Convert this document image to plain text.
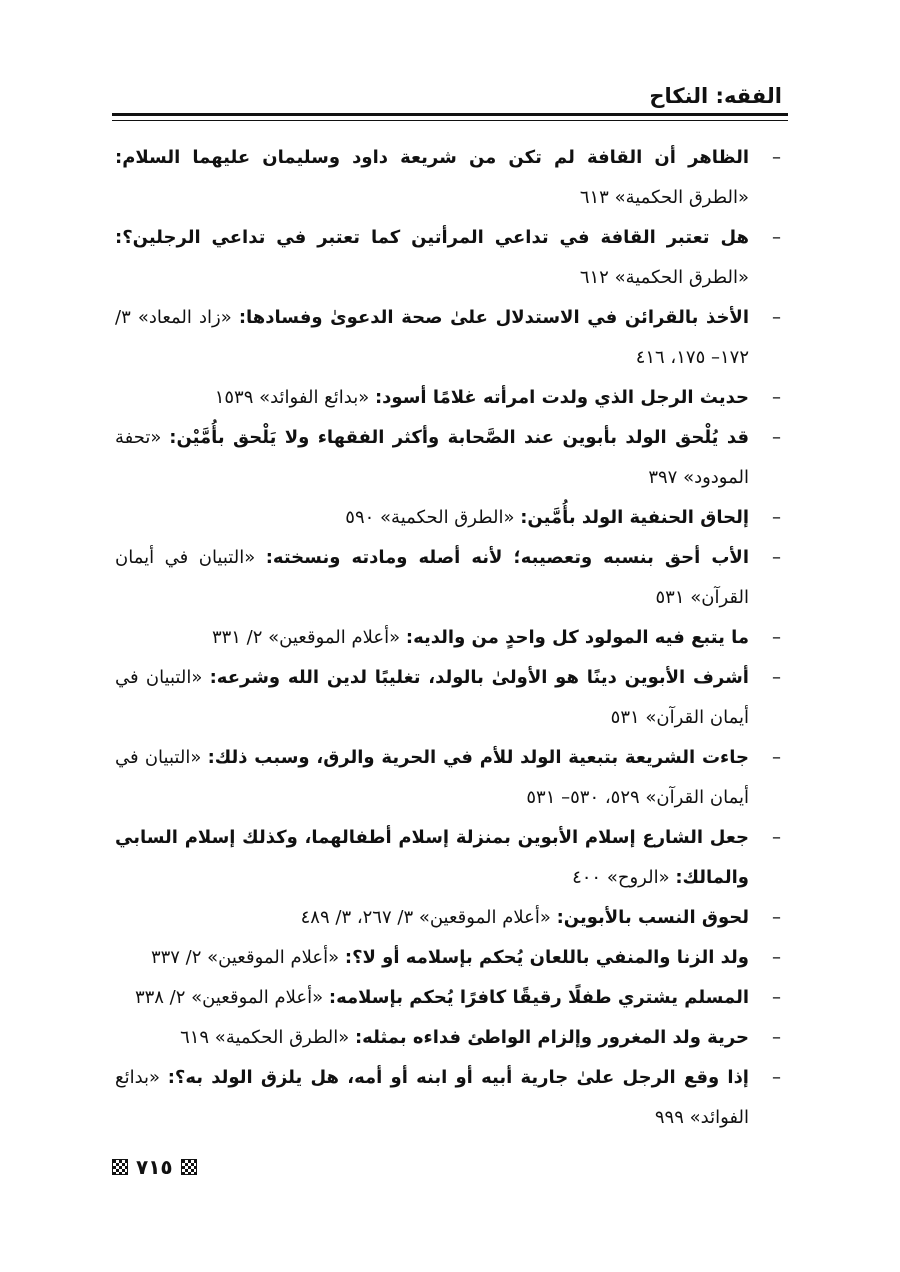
الفقه: النكاح
–
الظاهر أن القافة لم تكن من شريعة داود وسليمان عليهما السلام: «الطرق الحكمية» ٦١٣
–
هل تعتبر القافة في تداعي المرأتين كما تعتبر في تداعي الرجلين؟: «الطرق الحكمية» ٦١٢
–
الأخذ بالقرائن في الاستدلال علىٰ صحة الدعوىٰ وفسادها: «زاد المعاد» ٣/ ١٧٢– ١٧٥، ٤١٦
–
حديث الرجل الذي ولدت امرأته غلامًا أسود: «بدائع الفوائد» ١٥٣٩
–
قد يُلْحق الولد بأبوين عند الصَّحابة وأكثر الفقهاء ولا يَلْحق بأُمَّيْن: «تحفة المودود» ٣٩٧
–
إلحاق الحنفية الولد بأُمَّين: «الطرق الحكمية» ٥٩٠
–
الأب أحق بنسبه وتعصيبه؛ لأنه أصله ومادته ونسخته: «التبيان في أيمان القرآن» ٥٣١
–
ما يتبع فيه المولود كل واحدٍ من والديه: «أعلام الموقعين» ٢/ ٣٣١
–
أشرف الأبوين دينًا هو الأولىٰ بالولد، تغليبًا لدين الله وشرعه: «التبيان في أيمان القرآن» ٥٣١
–
جاءت الشريعة بتبعية الولد للأم في الحرية والرق، وسبب ذلك: «التبيان في أيمان القرآن» ٥٢٩، ٥٣٠– ٥٣١
–
جعل الشارع إسلام الأبوين بمنزلة إسلام أطفالهما، وكذلك إسلام السابي والمالك: «الروح» ٤٠٠
–
لحوق النسب بالأبوين: «أعلام الموقعين» ٣/ ٢٦٧، ٣/ ٤٨٩
–
ولد الزنا والمنفي باللعان يُحكم بإسلامه أو لا؟: «أعلام الموقعين» ٢/ ٣٣٧
–
المسلم يشتري طفلًا رقيقًا كافرًا يُحكم بإسلامه: «أعلام الموقعين» ٢/ ٣٣٨
–
حرية ولد المغرور وإلزام الواطئ فداءه بمثله: «الطرق الحكمية» ٦١٩
–
إذا وقع الرجل علىٰ جارية أبيه أو ابنه أو أمه، هل يلزق الولد به؟: «بدائع الفوائد» ٩٩٩
٧١٥
